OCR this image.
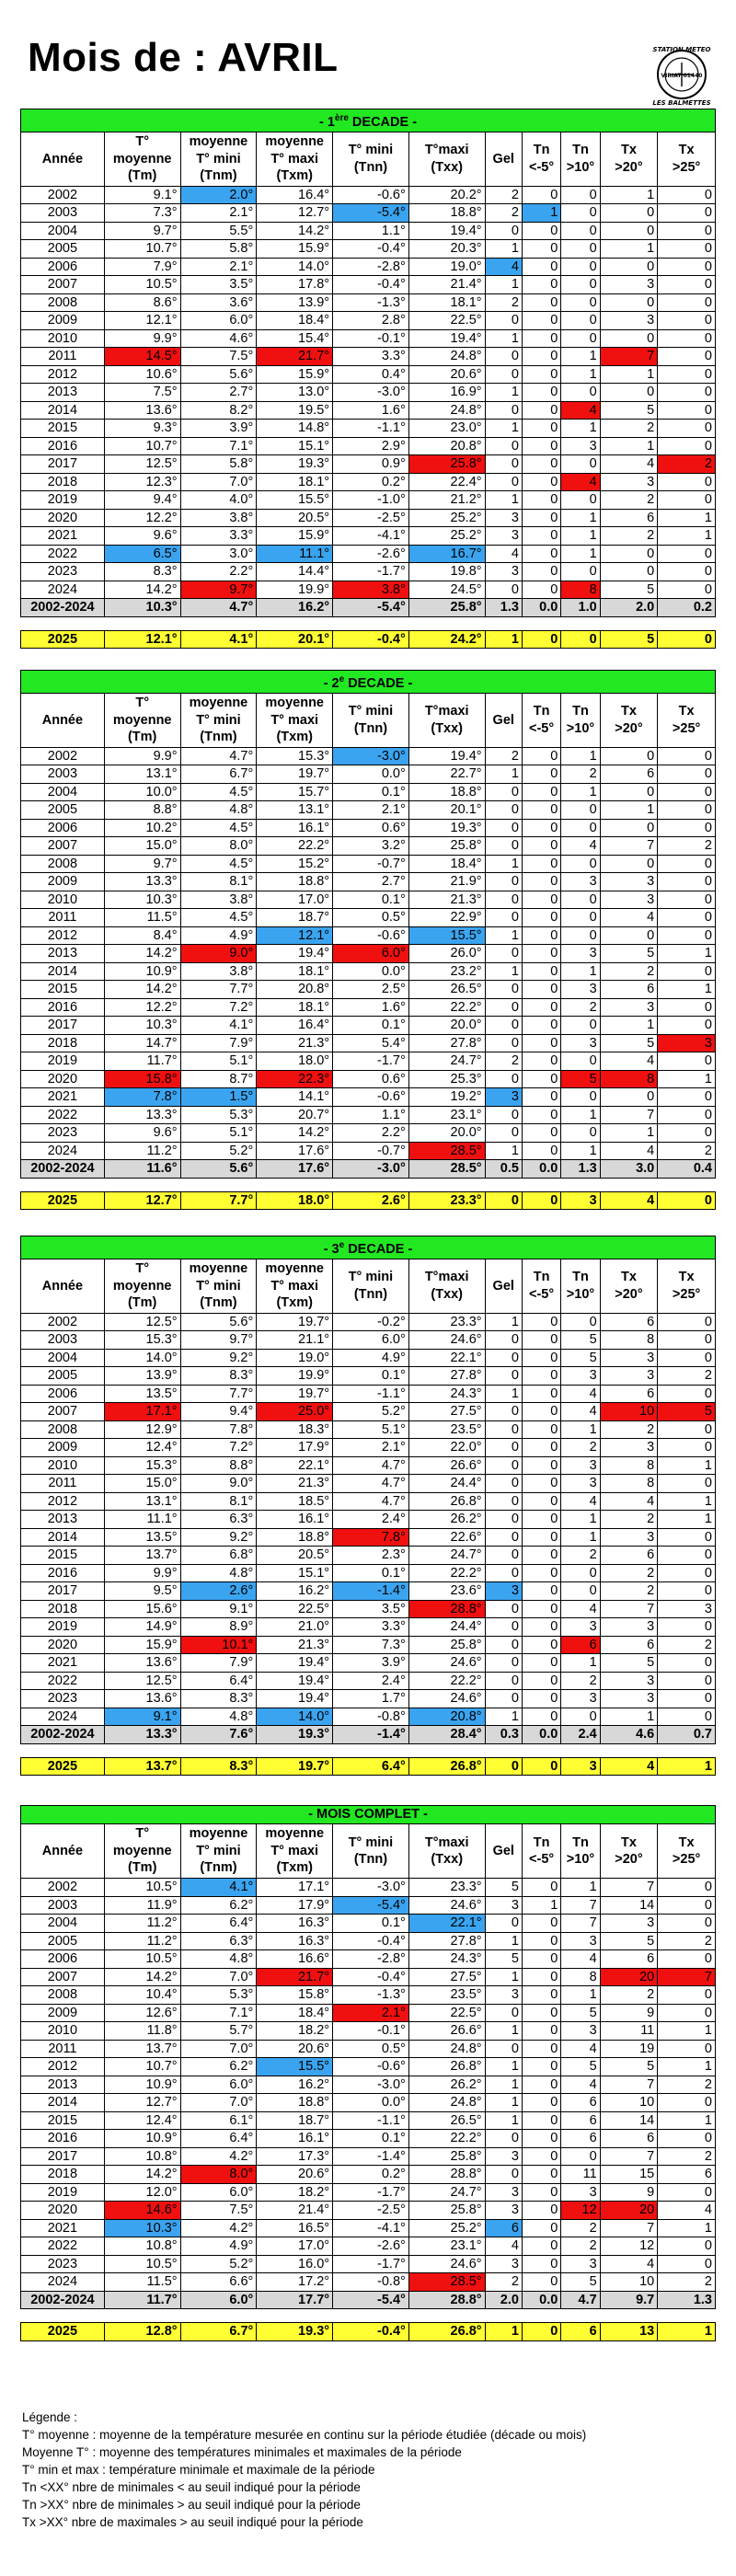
Mois de : AVRIL	STATION METEO
VIRIAT 01440
LES BALMETTES
- 1ère DECADE -										
Année	T°
moyenne
(Tm)	moyenne
T° mini
(Tnm)	moyenne
T° maxi
(Txm)	T° mini
(Tnn)	T°maxi
(Txx)	Gel	Tn
<-5°	Tn
>10°	Tx
>20°	Tx
>25°
2002	9.1°	2.0°	16.4°	-0.6°	20.2°	2	0	0	1	0
2003	7.3°	2.1°	12.7°	-5.4°	18.8°	2	1	0	0	0
2004	9.7°	5.5°	14.2°	1.1°	19.4°	0	0	0	0	0
2005	10.7°	5.8°	15.9°	-0.4°	20.3°	1	0	0	1	0
2006	7.9°	2.1°	14.0°	-2.8°	19.0°	4	0	0	0	0
2007	10.5°	3.5°	17.8°	-0.4°	21.4°	1	0	0	3	0
2008	8.6°	3.6°	13.9°	-1.3°	18.1°	2	0	0	0	0
2009	12.1°	6.0°	18.4°	2.8°	22.5°	0	0	0	3	0
2010	9.9°	4.6°	15.4°	-0.1°	19.4°	1	0	0	0	0
2011	14.5°	7.5°	21.7°	3.3°	24.8°	0	0	1	7	0
2012	10.6°	5.6°	15.9°	0.4°	20.6°	0	0	1	1	0
2013	7.5°	2.7°	13.0°	-3.0°	16.9°	1	0	0	0	0
2014	13.6°	8.2°	19.5°	1.6°	24.8°	0	0	4	5	0
2015	9.3°	3.9°	14.8°	-1.1°	23.0°	1	0	1	2	0
2016	10.7°	7.1°	15.1°	2.9°	20.8°	0	0	3	1	0
2017	12.5°	5.8°	19.3°	0.9°	25.8°	0	0	0	4	2
2018	12.3°	7.0°	18.1°	0.2°	22.4°	0	0	4	3	0
2019	9.4°	4.0°	15.5°	-1.0°	21.2°	1	0	0	2	0
2020	12.2°	3.8°	20.5°	-2.5°	25.2°	3	0	1	6	1
2021	9.6°	3.3°	15.9°	-4.1°	25.2°	3	0	1	2	1
2022	6.5°	3.0°	11.1°	-2.6°	16.7°	4	0	1	0	0
2023	8.3°	2.2°	14.4°	-1.7°	19.8°	3	0	0	0	0
2024	14.2°	9.7°	19.9°	3.8°	24.5°	0	0	8	5	0
2002-2024	10.3°	4.7°	16.2°	-5.4°	25.8°	1.3	0.0	1.0	2.0	0.2

2025	12.1°	4.1°	20.1°	-0.4°	24.2°	1	0	0	5	0
- 2e DECADE -										
Année	T°
moyenne
(Tm)	moyenne
T° mini
(Tnm)	moyenne
T° maxi
(Txm)	T° mini
(Tnn)	T°maxi
(Txx)	Gel	Tn
<-5°	Tn
>10°	Tx
>20°	Tx
>25°
2002	9.9°	4.7°	15.3°	-3.0°	19.4°	2	0	1	0	0
2003	13.1°	6.7°	19.7°	0.0°	22.7°	1	0	2	6	0
2004	10.0°	4.5°	15.7°	0.1°	18.8°	0	0	1	0	0
2005	8.8°	4.8°	13.1°	2.1°	20.1°	0	0	0	1	0
2006	10.2°	4.5°	16.1°	0.6°	19.3°	0	0	0	0	0
2007	15.0°	8.0°	22.2°	3.2°	25.8°	0	0	4	7	2
2008	9.7°	4.5°	15.2°	-0.7°	18.4°	1	0	0	0	0
2009	13.3°	8.1°	18.8°	2.7°	21.9°	0	0	3	3	0
2010	10.3°	3.8°	17.0°	0.1°	21.3°	0	0	0	3	0
2011	11.5°	4.5°	18.7°	0.5°	22.9°	0	0	0	4	0
2012	8.4°	4.9°	12.1°	-0.6°	15.5°	1	0	0	0	0
2013	14.2°	9.0°	19.4°	6.0°	26.0°	0	0	3	5	1
2014	10.9°	3.8°	18.1°	0.0°	23.2°	1	0	1	2	0
2015	14.2°	7.7°	20.8°	2.5°	26.5°	0	0	3	6	1
2016	12.2°	7.2°	18.1°	1.6°	22.2°	0	0	2	3	0
2017	10.3°	4.1°	16.4°	0.1°	20.0°	0	0	0	1	0
2018	14.7°	7.9°	21.3°	5.4°	27.8°	0	0	3	5	3
2019	11.7°	5.1°	18.0°	-1.7°	24.7°	2	0	0	4	0
2020	15.8°	8.7°	22.3°	0.6°	25.3°	0	0	5	8	1
2021	7.8°	1.5°	14.1°	-0.6°	19.2°	3	0	0	0	0
2022	13.3°	5.3°	20.7°	1.1°	23.1°	0	0	1	7	0
2023	9.6°	5.1°	14.2°	2.2°	20.0°	0	0	0	1	0
2024	11.2°	5.2°	17.6°	-0.7°	28.5°	1	0	1	4	2
2002-2024	11.6°	5.6°	17.6°	-3.0°	28.5°	0.5	0.0	1.3	3.0	0.4

2025	12.7°	7.7°	18.0°	2.6°	23.3°	0	0	3	4	0
- 3e DECADE -										
Année	T°
moyenne
(Tm)	moyenne
T° mini
(Tnm)	moyenne
T° maxi
(Txm)	T° mini
(Tnn)	T°maxi
(Txx)	Gel	Tn
<-5°	Tn
>10°	Tx
>20°	Tx
>25°
2002	12.5°	5.6°	19.7°	-0.2°	23.3°	1	0	0	6	0
2003	15.3°	9.7°	21.1°	6.0°	24.6°	0	0	5	8	0
2004	14.0°	9.2°	19.0°	4.9°	22.1°	0	0	5	3	0
2005	13.9°	8.3°	19.9°	0.1°	27.8°	0	0	3	3	2
2006	13.5°	7.7°	19.7°	-1.1°	24.3°	1	0	4	6	0
2007	17.1°	9.4°	25.0°	5.2°	27.5°	0	0	4	10	5
2008	12.9°	7.8°	18.3°	5.1°	23.5°	0	0	1	2	0
2009	12.4°	7.2°	17.9°	2.1°	22.0°	0	0	2	3	0
2010	15.3°	8.8°	22.1°	4.7°	26.6°	0	0	3	8	1
2011	15.0°	9.0°	21.3°	4.7°	24.4°	0	0	3	8	0
2012	13.1°	8.1°	18.5°	4.7°	26.8°	0	0	4	4	1
2013	11.1°	6.3°	16.1°	2.4°	26.2°	0	0	1	2	1
2014	13.5°	9.2°	18.8°	7.8°	22.6°	0	0	1	3	0
2015	13.7°	6.8°	20.5°	2.3°	24.7°	0	0	2	6	0
2016	9.9°	4.8°	15.1°	0.1°	22.2°	0	0	0	2	0
2017	9.5°	2.6°	16.2°	-1.4°	23.6°	3	0	0	2	0
2018	15.6°	9.1°	22.5°	3.5°	28.8°	0	0	4	7	3
2019	14.9°	8.9°	21.0°	3.3°	24.4°	0	0	3	3	0
2020	15.9°	10.1°	21.3°	7.3°	25.8°	0	0	6	6	2
2021	13.6°	7.9°	19.4°	3.9°	24.6°	0	0	1	5	0
2022	12.5°	6.4°	19.4°	2.4°	22.2°	0	0	2	3	0
2023	13.6°	8.3°	19.4°	1.7°	24.6°	0	0	3	3	0
2024	9.1°	4.8°	14.0°	-0.8°	20.8°	1	0	0	1	0
2002-2024	13.3°	7.6°	19.3°	-1.4°	28.4°	0.3	0.0	2.4	4.6	0.7

2025	13.7°	8.3°	19.7°	6.4°	26.8°	0	0	3	4	1
- MOIS COMPLET -										
Année	T°
moyenne
(Tm)	moyenne
T° mini
(Tnm)	moyenne
T° maxi
(Txm)	T° mini
(Tnn)	T°maxi
(Txx)	Gel	Tn
<-5°	Tn
>10°	Tx
>20°	Tx
>25°
2002	10.5°	4.1°	17.1°	-3.0°	23.3°	5	0	1	7	0
2003	11.9°	6.2°	17.9°	-5.4°	24.6°	3	1	7	14	0
2004	11.2°	6.4°	16.3°	0.1°	22.1°	0	0	7	3	0
2005	11.2°	6.3°	16.3°	-0.4°	27.8°	1	0	3	5	2
2006	10.5°	4.8°	16.6°	-2.8°	24.3°	5	0	4	6	0
2007	14.2°	7.0°	21.7°	-0.4°	27.5°	1	0	8	20	7
2008	10.4°	5.3°	15.8°	-1.3°	23.5°	3	0	1	2	0
2009	12.6°	7.1°	18.4°	2.1°	22.5°	0	0	5	9	0
2010	11.8°	5.7°	18.2°	-0.1°	26.6°	1	0	3	11	1
2011	13.7°	7.0°	20.6°	0.5°	24.8°	0	0	4	19	0
2012	10.7°	6.2°	15.5°	-0.6°	26.8°	1	0	5	5	1
2013	10.9°	6.0°	16.2°	-3.0°	26.2°	1	0	4	7	2
2014	12.7°	7.0°	18.8°	0.0°	24.8°	1	0	6	10	0
2015	12.4°	6.1°	18.7°	-1.1°	26.5°	1	0	6	14	1
2016	10.9°	6.4°	16.1°	0.1°	22.2°	0	0	6	6	0
2017	10.8°	4.2°	17.3°	-1.4°	25.8°	3	0	0	7	2
2018	14.2°	8.0°	20.6°	0.2°	28.8°	0	0	11	15	6
2019	12.0°	6.0°	18.2°	-1.7°	24.7°	3	0	3	9	0
2020	14.6°	7.5°	21.4°	-2.5°	25.8°	3	0	12	20	4
2021	10.3°	4.2°	16.5°	-4.1°	25.2°	6	0	2	7	1
2022	10.8°	4.9°	17.0°	-2.6°	23.1°	4	0	2	12	0
2023	10.5°	5.2°	16.0°	-1.7°	24.6°	3	0	3	4	0
2024	11.5°	6.6°	17.2°	-0.8°	28.5°	2	0	5	10	2
2002-2024	11.7°	6.0°	17.7°	-5.4°	28.8°	2.0	0.0	4.7	9.7	1.3

2025	12.8°	6.7°	19.3°	-0.4°	26.8°	1	0	6	13	1
Légende :
T° moyenne : moyenne de la température mesurée en continu sur la période étudiée (décade ou mois)
Moyenne T° : moyenne des températures minimales et maximales de la période
T° min et max : température minimale et maximale de la période
Tn <XX° nbre de minimales < au seuil indiqué pour la période
Tn >XX° nbre de minimales > au seuil indiqué pour la période
Tx >XX° nbre de maximales > au seuil indiqué pour la période
